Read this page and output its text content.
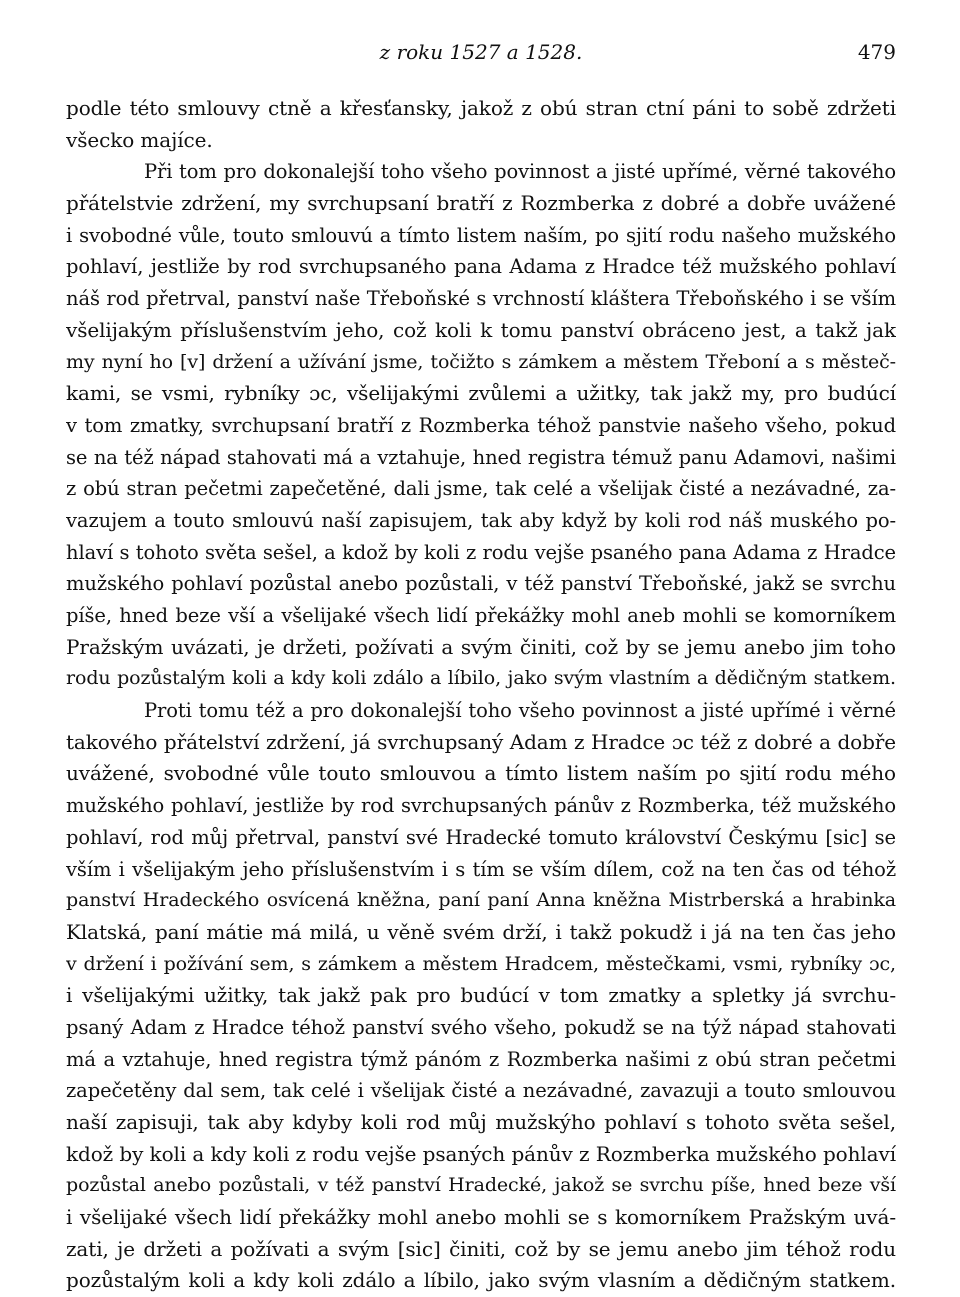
z roku 1527 a 1528.	479
podle této smlouvy ctně a křesťansky, jakož z obú stran ctní páni to sobě zdržeti
všecko majíce.
Při tom pro dokonalejší toho všeho povinnost a jisté upřímé, věrné takového
přátelstvie zdržení, my svrchupsaní bratří z Rozmberka z dobré a dobře uvážené
i svobodné vůle, touto smlouvú a tímto listem naším, po sjití rodu našeho mužského
pohlaví, jestliže by rod svrchupsaného pana Adama z Hradce též mužského pohlaví
náš rod přetrval, panství naše Třeboňské s vrchností kláštera Třeboňského i se vším
všelijakým příslušenstvím jeho, což koli k tomu panství obráceno jest, a takž jak
my nyní ho [v] držení a užívání jsme, točižto s zámkem a městem Třeboní a s městeč-
kami, se vsmi, rybníky ɔc, všelijakými zvůlemi a užitky, tak jakž my, pro budúcí
v tom zmatky, svrchupsaní bratří z Rozmberka téhož panstvie našeho všeho, pokud
se na též nápad stahovati má a vztahuje, hned registra témuž panu Adamovi, našimi
z obú stran pečetmi zapečetěné, dali jsme, tak celé a všelijak čisté a nezávadné, za-
vazujem a touto smlouvú naší zapisujem, tak aby když by koli rod náš muského po-
hlaví s tohoto světa sešel, a kdož by koli z rodu vejše psaného pana Adama z Hradce
mužského pohlaví pozůstal anebo pozůstali, v též panství Třeboňské, jakž se svrchu
píše, hned beze vší a všelijaké všech lidí překážky mohl aneb mohli se komorníkem
Pražským uvázati, je držeti, požívati a svým činiti, což by se jemu anebo jim toho
rodu pozůstalým koli a kdy koli zdálo a líbilo, jako svým vlastním a dědičným statkem.
Proti tomu též a pro dokonalejší toho všeho povinnost a jisté upřímé i věrné
takového přátelství zdržení, já svrchupsaný Adam z Hradce ɔc též z dobré a dobře
uvážené, svobodné vůle touto smlouvou a tímto listem naším po sjití rodu mého
mužského pohlaví, jestliže by rod svrchupsaných pánův z Rozmberka, též mužského
pohlaví, rod můj přetrval, panství své Hradecké tomuto království Českýmu [sic] se
vším i všelijakým jeho příslušenstvím i s tím se vším dílem, což na ten čas od téhož
panství Hradeckého osvícená kněžna, paní paní Anna kněžna Mistrberská a hrabinka
Klatská, paní mátie má milá, u věně svém drží, i takž pokudž i já na ten čas jeho
v držení i požívání sem, s zámkem a městem Hradcem, městečkami, vsmi, rybníky ɔc,
i všelijakými užitky, tak jakž pak pro budúcí v tom zmatky a spletky já svrchu-
psaný Adam z Hradce téhož panství svého všeho, pokudž se na týž nápad stahovati
má a vztahuje, hned registra týmž pánóm z Rozmberka našimi z obú stran pečetmi
zapečetěny dal sem, tak celé i všelijak čisté a nezávadné, zavazuji a touto smlouvou
naší zapisuji, tak aby kdyby koli rod můj mužskýho pohlaví s tohoto světa sešel,
kdož by koli a kdy koli z rodu vejše psaných pánův z Rozmberka mužského pohlaví
pozůstal anebo pozůstali, v též panství Hradecké, jakož se svrchu píše, hned beze vší
i všelijaké všech lidí překážky mohl anebo mohli se s komorníkem Pražským uvá-
zati, je držeti a požívati a svým [sic] činiti, což by se jemu anebo jim téhož rodu
pozůstalým koli a kdy koli zdálo a líbilo, jako svým vlasním a dědičným statkem.
